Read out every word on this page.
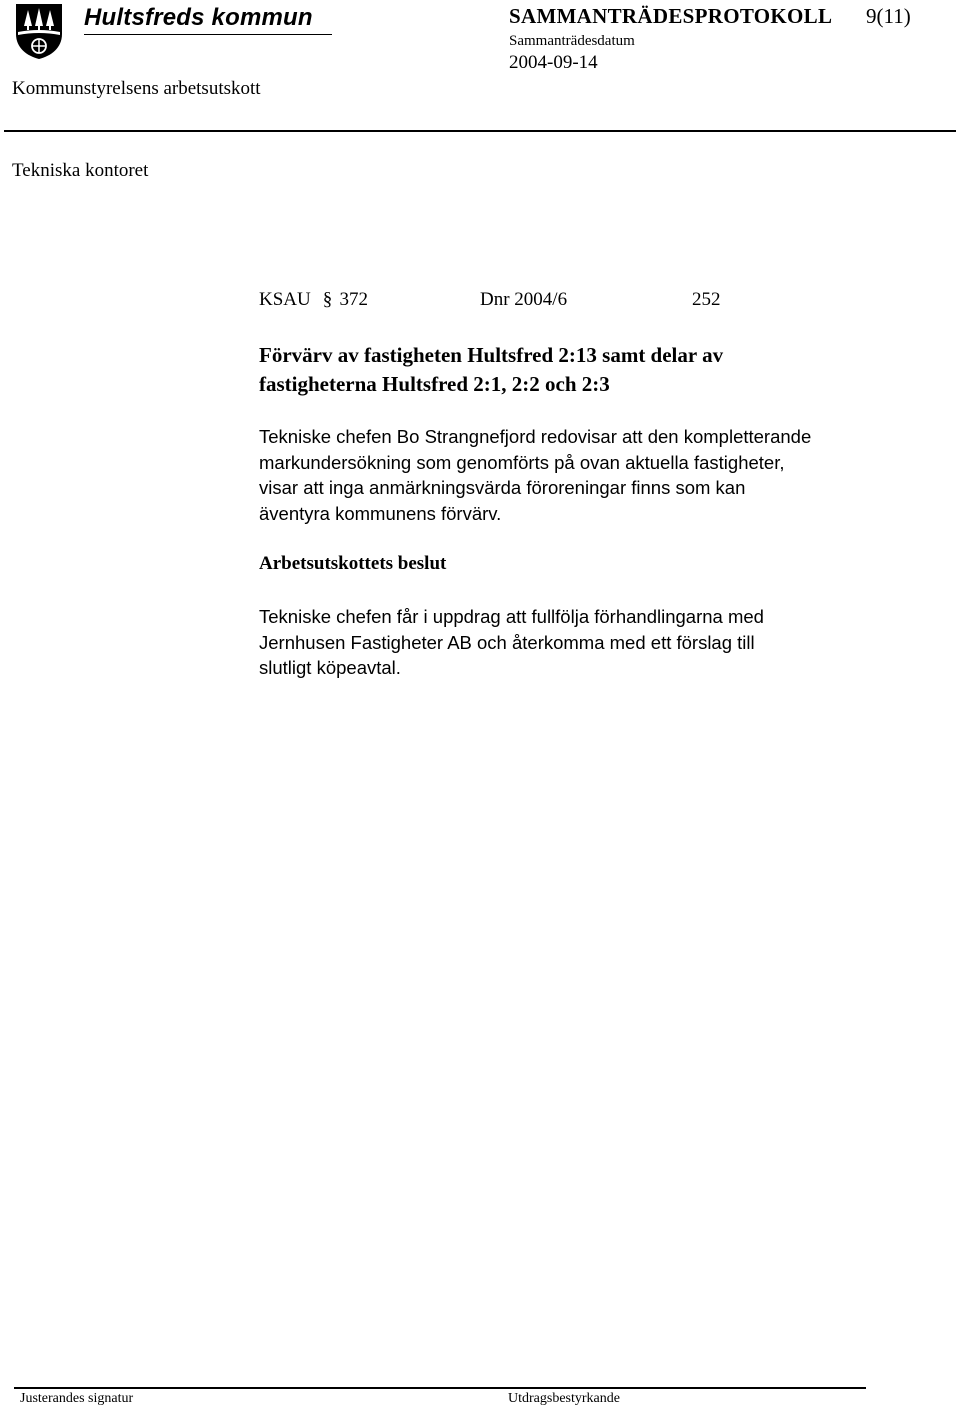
Hultsfreds kommun	SAMMANTRÄDESPROTOKOLL 9(11)
Sammanträdesdatum
2004-09-14
Kommunstyrelsens arbetsutskott
Tekniska kontoret
KSAU § 372	Dnr 2004/6	252
Förvärv av fastigheten Hultsfred 2:13 samt delar av
fastigheterna Hultsfred 2:1, 2:2 och 2:3
Tekniske chefen Bo Strangnefjord redovisar att den kompletterande
markundersökning som genomförts på ovan aktuella fastigheter,
visar att inga anmärkningsvärda föroreningar finns som kan
äventyra kommunens förvärv.
Arbetsutskottets beslut
Tekniske chefen får i uppdrag att fullfölja förhandlingarna med
Jernhusen Fastigheter AB och återkomma med ett förslag till
slutligt köpeavtal.
Justerandes signatur	Utdragsbestyrkande
